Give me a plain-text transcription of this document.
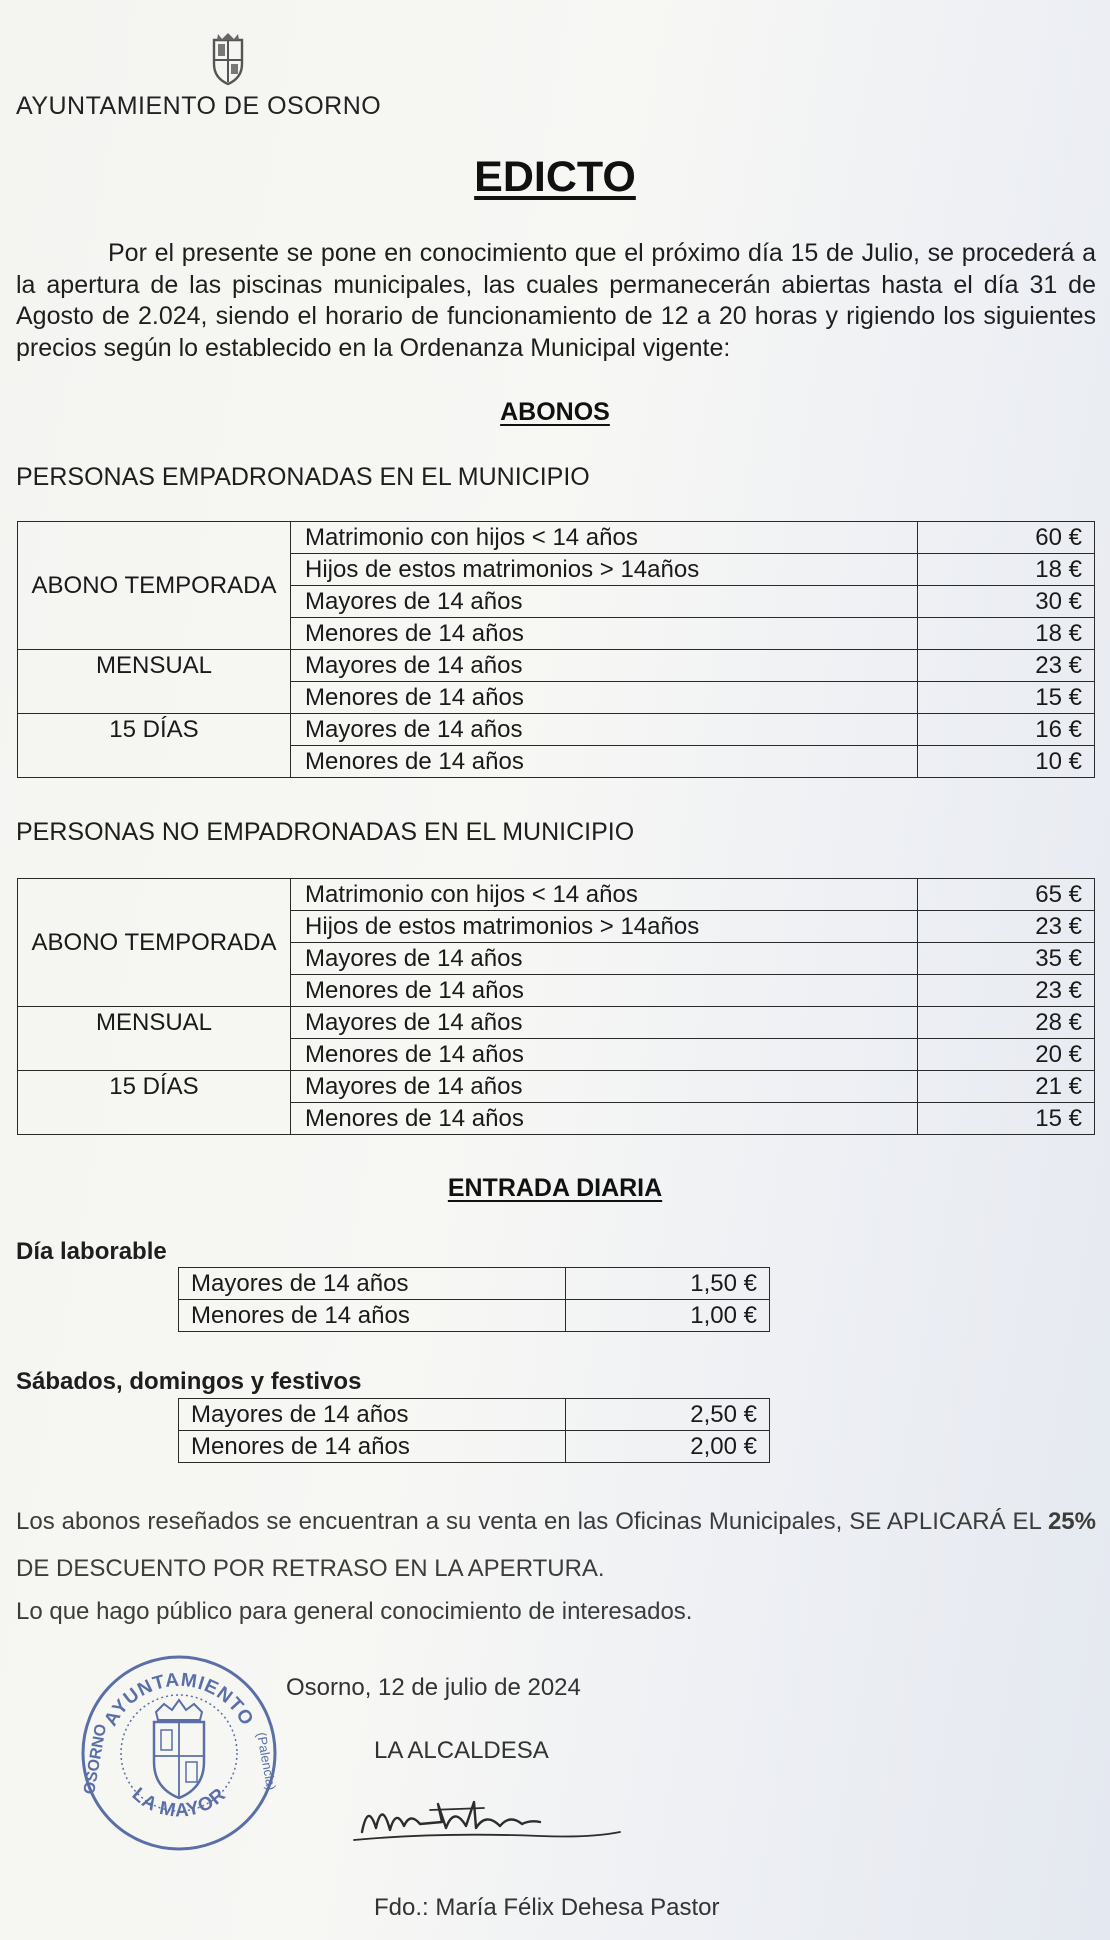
AYUNTAMIENTO DE OSORNO
EDICTO
Por el presente se pone en conocimiento que el próximo día 15 de Julio, se procederá a la apertura de las piscinas municipales, las cuales permanecerán abiertas hasta el día 31 de Agosto de 2.024, siendo el horario de funcionamiento de 12 a 20 horas y rigiendo los siguientes precios según lo establecido en la Ordenanza Municipal vigente:
ABONOS
PERSONAS EMPADRONADAS EN EL MUNICIPIO
ABONO TEMPORADA	Matrimonio con hijos < 14 años	60 €
	Hijos de estos matrimonios > 14años	18 €
	Mayores de 14 años	30 €
	Menores de 14 años	18 €
MENSUAL	Mayores de 14 años	23 €
	Menores de 14 años	15 €
15 DÍAS	Mayores de 14 años	16 €
	Menores de 14 años	10 €
PERSONAS NO EMPADRONADAS EN EL MUNICIPIO
ABONO TEMPORADA	Matrimonio con hijos < 14 años	65 €
	Hijos de estos matrimonios > 14años	23 €
	Mayores de 14 años	35 €
	Menores de 14 años	23 €
MENSUAL	Mayores de 14 años	28 €
	Menores de 14 años	20 €
15 DÍAS	Mayores de 14 años	21 €
	Menores de 14 años	15 €
ENTRADA DIARIA
Día laborable
Mayores de 14 años	1,50 €
Menores de 14 años	1,00 €
Sábados, domingos y festivos
Mayores de 14 años	2,50 €
Menores de 14 años	2,00 €
Los abonos reseñados se encuentran a su venta en las Oficinas Municipales, SE APLICARÁ EL 25% DE DESCUENTO POR RETRASO EN LA APERTURA.
Lo que hago público para general conocimiento de interesados.
AYUNTAMIENTO
LA MAYOR
OSORNO	(Palencia)
Osorno, 12 de julio de 2024
LA ALCALDESA
Fdo.: María Félix Dehesa Pastor
